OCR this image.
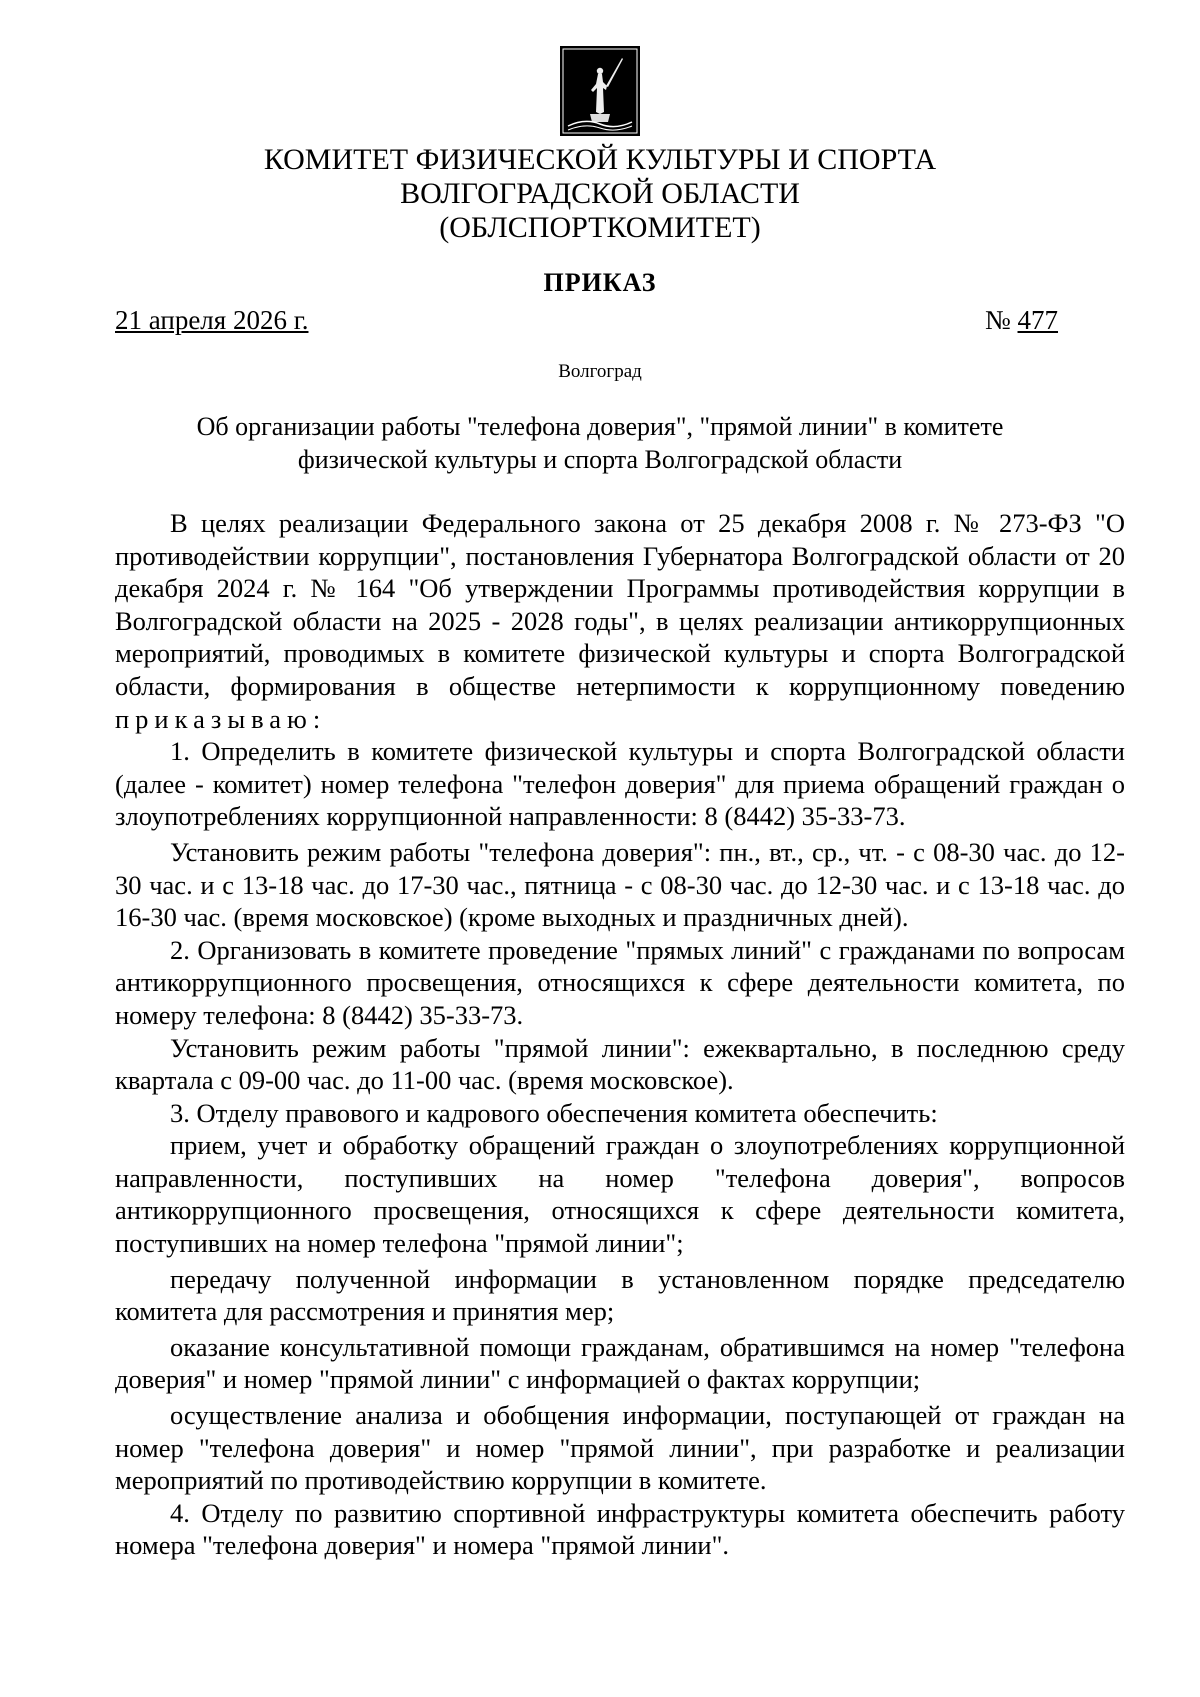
КОМИТЕТ ФИЗИЧЕСКОЙ КУЛЬТУРЫ И СПОРТА
ВОЛГОГРАДСКОЙ ОБЛАСТИ
(ОБЛСПОРТКОМИТЕТ)
ПРИКАЗ
21 апреля 2026 г.	№ 477
Волгоград
Об организации работы "телефона доверия", "прямой линии" в комитете
физической культуры и спорта Волгоградской области

В целях реализации Федерального закона от 25 декабря 2008 г. № 273-ФЗ "О противодействии коррупции", постановления Губернатора Волгоградской области от 20 декабря 2024 г. № 164 "Об утверждении Программы противодействия коррупции в Волгоградской области на 2025 - 2028 годы", в целях реализации антикоррупционных мероприятий, проводимых в комитете физической культуры и спорта Волгоградской области, формирования в обществе нетерпимости к коррупционному поведению приказываю:

1. Определить в комитете физической культуры и спорта Волгоградской области (далее - комитет) номер телефона "телефон доверия" для приема обращений граждан о злоупотреблениях коррупционной направленности: 8 (8442) 35-33-73.

Установить режим работы "телефона доверия": пн., вт., ср., чт. - с 08-30 час. до 12-30 час. и с 13-18 час. до 17-30 час., пятница - с 08-30 час. до 12-30 час. и с 13-18 час. до 16-30 час. (время московское) (кроме выходных и праздничных дней).

2. Организовать в комитете проведение "прямых линий" с гражданами по вопросам антикоррупционного просвещения, относящихся к сфере деятельности комитета, по номеру телефона: 8 (8442) 35-33-73.

Установить режим работы "прямой линии": ежеквартально, в последнюю среду квартала с 09-00 час. до 11-00 час. (время московское).

3. Отделу правового и кадрового обеспечения комитета обеспечить:

прием, учет и обработку обращений граждан о злоупотреблениях коррупционной направленности, поступивших на номер "телефона доверия", вопросов антикоррупционного просвещения, относящихся к сфере деятельности комитета, поступивших на номер телефона "прямой линии";

передачу полученной информации в установленном порядке председателю комитета для рассмотрения и принятия мер;

оказание консультативной помощи гражданам, обратившимся на номер "телефона доверия" и номер "прямой линии" с информацией о фактах коррупции;

осуществление анализа и обобщения информации, поступающей от граждан на номер "телефона доверия" и номер "прямой линии", при разработке и реализации мероприятий по противодействию коррупции в комитете.

4. Отделу по развитию спортивной инфраструктуры комитета обеспечить работу номера "телефона доверия" и номера "прямой линии".
